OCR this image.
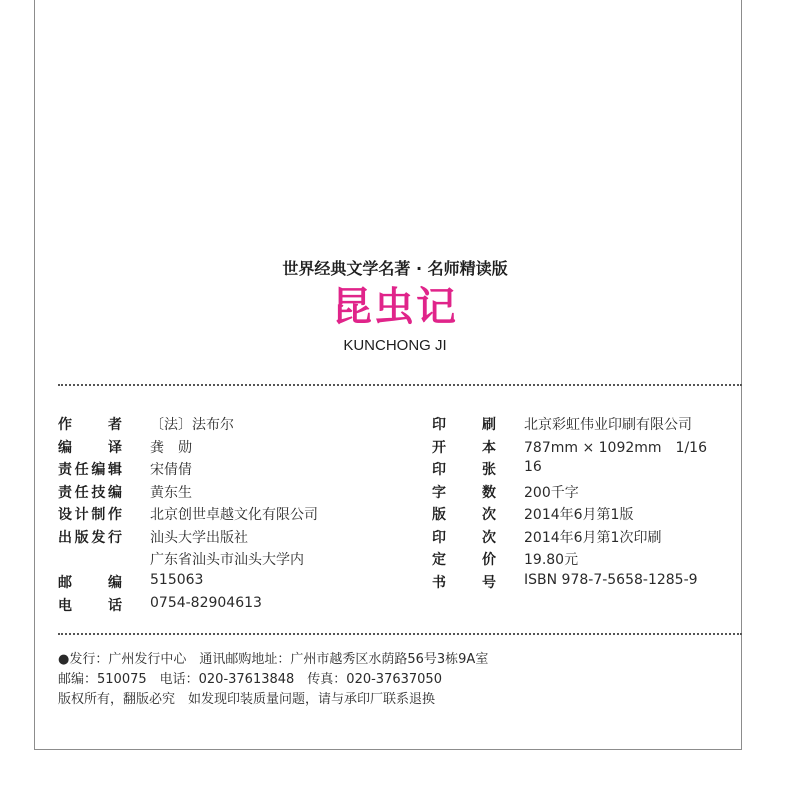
世界经典文学名著 · 名师精读版
昆虫记
KUNCHONG JI
作　　者 〔法〕法布尔
编　　译 龚　勋
责任编辑 宋倩倩
责任技编 黄东生
设计制作 北京创世卓越文化有限公司
出版发行 汕头大学出版社
广东省汕头市汕头大学内
邮　　编 515063
电　　话 0754-82904613
印　　刷 北京彩虹伟业印刷有限公司
开　　本 787mm × 1092mm　1/16
印　　张 16
字　　数 200千字
版　　次 2014年6月第1版
印　　次 2014年6月第1次印刷
定　　价 19.80元
书　　号 ISBN 978-7-5658-1285-9
●发行：广州发行中心　通讯邮购地址：广州市越秀区水荫路56号3栋9A室
邮编：510075　电话：020-37613848　传真：020-37637050
版权所有，翻版必究　如发现印装质量问题，请与承印厂联系退换
